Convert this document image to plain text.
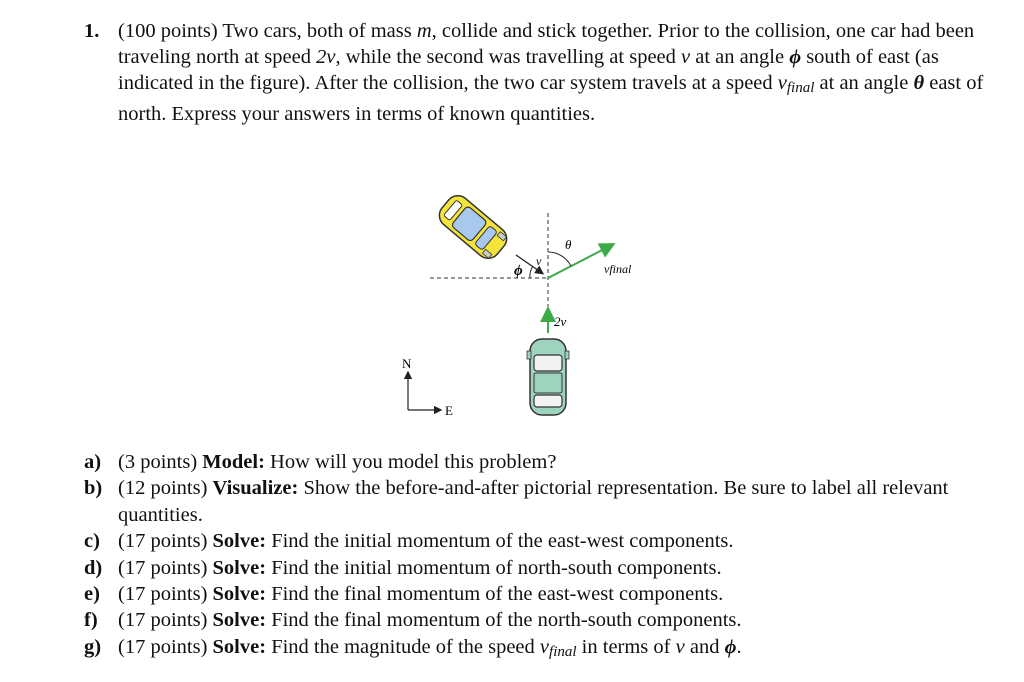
1. (100 points) Two cars, both of mass m, collide and stick together. Prior to the collision, one car had been traveling north at speed 2v, while the second was travelling at speed v at an angle ϕ south of east (as indicated in the figure). After the collision, the two car system travels at a speed $v_{final}$ at an angle θ east of north. Express your answers in terms of known quantities.
ϕ
v
θ
vfinal
2v
N
E
a) (3 points) Model: How will you model this problem?
b) (12 points) Visualize: Show the before-and-after pictorial representation. Be sure to label all relevant quantities.
c) (17 points) Solve: Find the initial momentum of the east-west components.
d) (17 points) Solve: Find the initial momentum of north-south components.
e) (17 points) Solve: Find the final momentum of the east-west components.
f) (17 points) Solve: Find the final momentum of the north-south components.
g) (17 points) Solve: Find the magnitude of the speed $v_{final}$ in terms of v and ϕ.
